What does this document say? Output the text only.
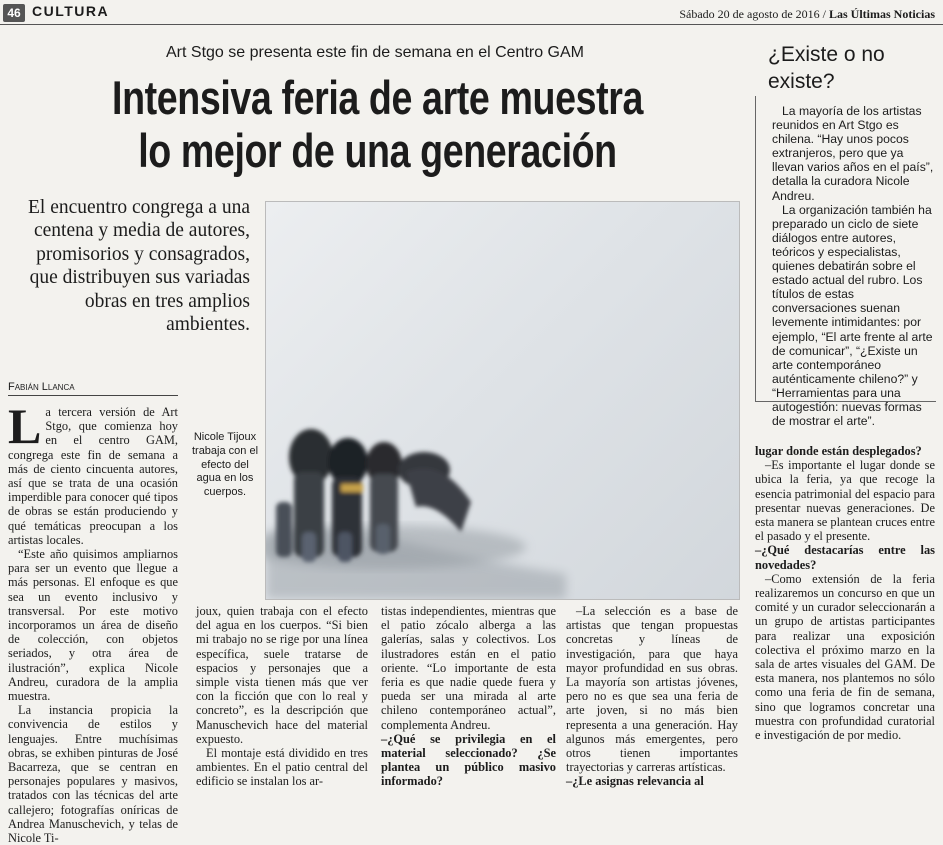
46 CULTURA	Sábado 20 de agosto de 2016 / Las Últimas Noticias
Art Stgo se presenta este fin de semana en el Centro GAM
Intensiva feria de arte muestra
lo mejor de una generación
El encuentro congrega a una centena y media de autores, promisorios y consagrados, que distribuyen sus variadas obras en tres amplios ambientes.
Fabián Llanca
Nicole Tijoux trabaja con el efecto del agua en los cuerpos.

La tercera versión de Art Stgo, que comienza hoy en el centro GAM, congrega este fin de semana a más de ciento cincuenta autores, así que se trata de una ocasión imperdible para conocer qué tipos de obras se están produciendo y qué temáticas preocupan a los artistas locales.

“Este año quisimos ampliarnos para ser un evento que llegue a más personas. El enfoque es que sea un evento inclusivo y transversal. Por este motivo incorporamos un área de diseño de colección, con objetos seriados, y otra área de ilustración”, explica Nicole Andreu, curadora de la amplia muestra.

La instancia propicia la convivencia de estilos y lenguajes. Entre muchísimas obras, se exhiben pinturas de José Bacarreza, que se centran en personajes populares y masivos, tratados con las técnicas del arte callejero; fotografías oníricas de Andrea Manuschevich, y telas de Nicole Ti-

joux, quien trabaja con el efecto del agua en los cuerpos. “Si bien mi trabajo no se rige por una línea específica, suele tratarse de espacios y personajes que a simple vista tienen más que ver con la ficción que con lo real y concreto”, es la descripción que Manuschevich hace del material expuesto.

El montaje está dividido en tres ambientes. En el patio central del edificio se instalan los ar-

tistas independientes, mientras que el patio zócalo alberga a las galerías, salas y colectivos. Los ilustradores están en el patio oriente. “Lo importante de esta feria es que nadie quede fuera y pueda ser una mirada al arte chileno contemporáneo actual”, complementa Andreu.

–¿Qué se privilegia en el material seleccionado? ¿Se plantea un público masivo informado?

–La selección es a base de artistas que tengan propuestas concretas y líneas de investigación, para que haya mayor profundidad en sus obras. La mayoría son artistas jóvenes, pero no es que sea una feria de arte joven, si no más bien representa a una generación. Hay algunos más emergentes, pero otros tienen importantes trayectorias y carreras artísticas.

–¿Le asignas relevancia al

lugar donde están desplegados?

–Es importante el lugar donde se ubica la feria, ya que recoge la esencia patrimonial del espacio para presentar nuevas generaciones. De esta manera se plantean cruces entre el pasado y el presente.

–¿Qué destacarías entre las novedades?

–Como extensión de la feria realizaremos un concurso en que un comité y un curador seleccionarán a un grupo de artistas participantes para realizar una exposición colectiva el próximo marzo en la sala de artes visuales del GAM. De esta manera, nos plantemos no sólo como una feria de fin de semana, sino que logramos concretar una muestra con profundidad curatorial e investigación de por medio.

¿Existe o no existe?

La mayoría de los artistas reunidos en Art Stgo es chilena. “Hay unos pocos extranjeros, pero que ya llevan varios años en el país”, detalla la curadora Nicole Andreu.

La organización también ha preparado un ciclo de siete diálogos entre autores, teóricos y especialistas, quienes debatirán sobre el estado actual del rubro. Los títulos de estas conversaciones suenan levemente intimidantes: por ejemplo, “El arte frente al arte de comunicar”, “¿Existe un arte contemporáneo auténticamente chileno?” y “Herramientas para una autogestión: nuevas formas de mostrar el arte”.
